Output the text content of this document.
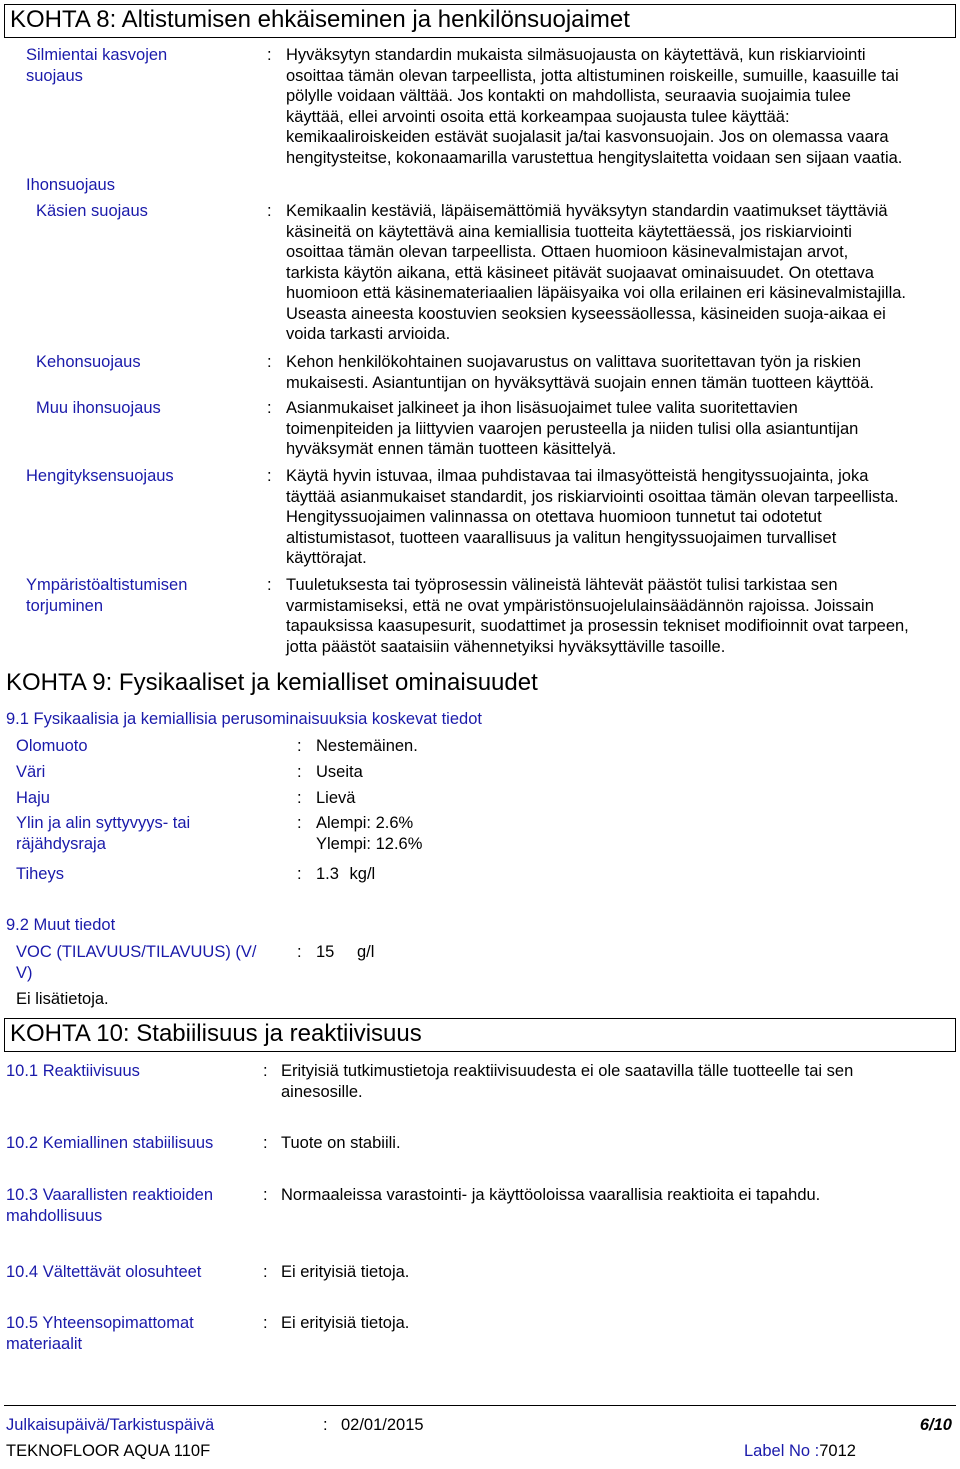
KOHTA 8: Altistumisen ehkäiseminen ja henkilönsuojaimet
Silmientai kasvojen
suojaus
: Hyväksytyn standardin mukaista silmäsuojausta on käytettävä, kun riskiarviointi
osoittaa tämän olevan tarpeellista, jotta altistuminen roiskeille, sumuille, kaasuille tai
pölylle voidaan välttää. Jos kontakti on mahdollista, seuraavia suojaimia tulee
käyttää, ellei arvointi osoita että korkeampaa suojausta tulee käyttää:
kemikaaliroiskeiden estävät suojalasit ja/tai kasvonsuojain. Jos on olemassa vaara
hengitysteitse, kokonaamarilla varustettua hengityslaitetta voidaan sen sijaan vaatia.
Ihonsuojaus
Käsien suojaus	: Kemikaalin kestäviä, läpäisemättömiä hyväksytyn standardin vaatimukset täyttäviä
käsineitä on käytettävä aina kemiallisia tuotteita käytettäessä, jos riskiarviointi
osoittaa tämän olevan tarpeellista. Ottaen huomioon käsinevalmistajan arvot,
tarkista käytön aikana, että käsineet pitävät suojaavat ominaisuudet. On otettava
huomioon että käsinemateriaalien läpäisyaika voi olla erilainen eri käsinevalmistajilla.
Useasta aineesta koostuvien seoksien kyseessäollessa, käsineiden suoja-aikaa ei
voida tarkasti arvioida.
Kehonsuojaus	: Kehon henkilökohtainen suojavarustus on valittava suoritettavan työn ja riskien
mukaisesti. Asiantuntijan on hyväksyttävä suojain ennen tämän tuotteen käyttöä.
Muu ihonsuojaus	: Asianmukaiset jalkineet ja ihon lisäsuojaimet tulee valita suoritettavien
toimenpiteiden ja liittyvien vaarojen perusteella ja niiden tulisi olla asiantuntijan
hyväksymät ennen tämän tuotteen käsittelyä.
Hengityksensuojaus	: Käytä hyvin istuvaa, ilmaa puhdistavaa tai ilmasyötteistä hengityssuojainta, joka
täyttää asianmukaiset standardit, jos riskiarviointi osoittaa tämän olevan tarpeellista.
Hengityssuojaimen valinnassa on otettava huomioon tunnetut tai odotetut
altistumistasot, tuotteen vaarallisuus ja valitun hengityssuojaimen turvalliset
käyttörajat.
Ympäristöaltistumisen
torjuminen
: Tuuletuksesta tai työprosessin välineistä lähtevät päästöt tulisi tarkistaa sen
varmistamiseksi, että ne ovat ympäristönsuojelulainsäädännön rajoissa. Joissain
tapauksissa kaasupesurit, suodattimet ja prosessin tekniset modifioinnit ovat tarpeen,
jotta päästöt saataisiin vähennetyiksi hyväksyttäville tasoille.
KOHTA 9: Fysikaaliset ja kemialliset ominaisuudet
9.1 Fysikaalisia ja kemiallisia perusominaisuuksia koskevat tiedot
Olomuoto	: Nestemäinen.
Väri	: Useita
Haju	: Lievä
Ylin ja alin syttyvyys- tai
räjähdysraja
: Alempi: 2.6%
Ylempi: 12.6%
Tiheys	: 1.3 kg/l
9.2 Muut tiedot
VOC (TILAVUUS/TILAVUUS) (V/
V)
: 15 g/l
Ei lisätietoja.
KOHTA 10: Stabiilisuus ja reaktiivisuus
10.1 Reaktiivisuus	: Erityisiä tutkimustietoja reaktiivisuudesta ei ole saatavilla tälle tuotteelle tai sen
ainesosille.
10.2 Kemiallinen stabiilisuus	: Tuote on stabiili.
10.3 Vaarallisten reaktioiden
mahdollisuus
: Normaaleissa varastointi- ja käyttöoloissa vaarallisia reaktioita ei tapahdu.
10.4 Vältettävät olosuhteet	: Ei erityisiä tietoja.
10.5 Yhteensopimattomat
materiaalit
: Ei erityisiä tietoja.
Julkaisupäivä/Tarkistuspäivä	: 02/01/2015	6/10
TEKNOFLOOR AQUA 110F	Label No :7012
